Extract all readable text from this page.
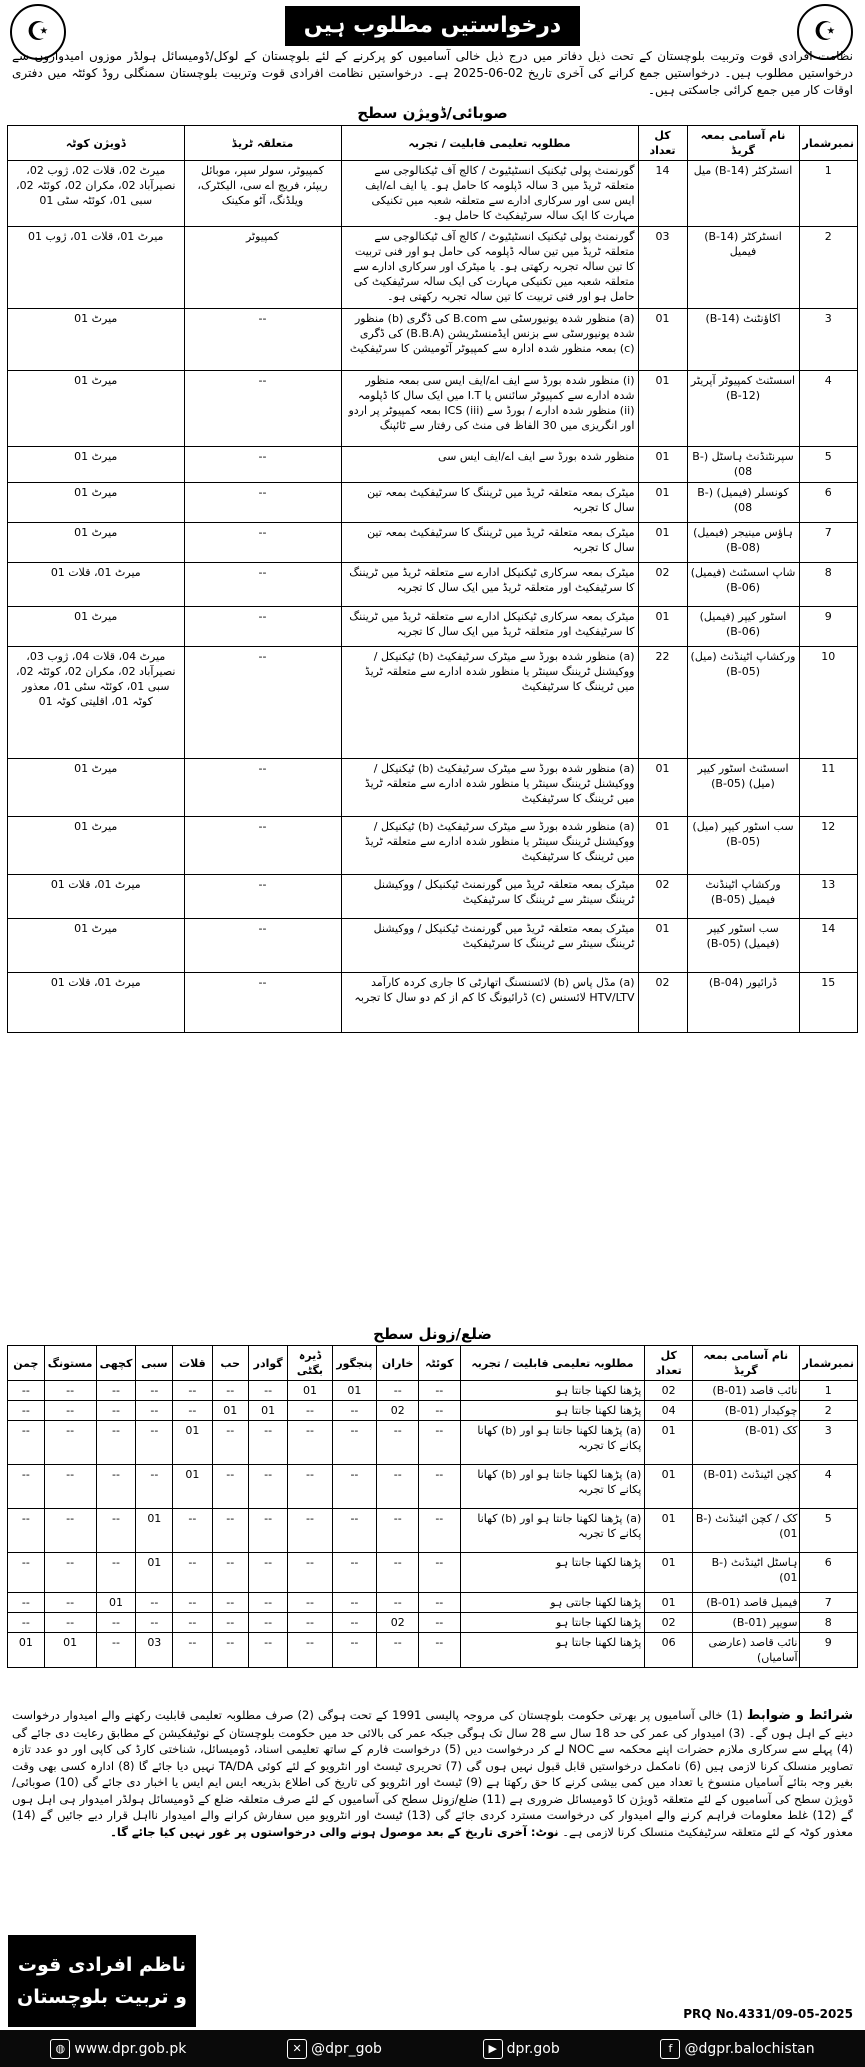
☪	درخواستیں مطلوب ہیں	☪
نظامت افرادی قوت وتربیت بلوچستان کے تحت ذیل دفاتر میں درج ذیل خالی آسامیوں کو پرکرنے کے لئے بلوچستان کے لوکل/ڈومیسائل ہولڈر موزوں امیدواروں سے درخواستیں مطلوب ہیں۔ درخواستیں جمع کرانے کی آخری تاریخ 02-06-2025 ہے۔ درخواستیں نظامت افرادی قوت وتربیت بلوچستان سمنگلی روڈ کوئٹہ میں دفتری اوقات کار میں جمع کرائی جاسکتی ہیں۔
صوبائی/ڈویژن سطح
نمبرشمار	نام آسامی بمعہ گریڈ	کل تعداد	مطلوبہ تعلیمی قابلیت / تجربہ	متعلقہ ٹریڈ	ڈویژن کوٹہ
1	انسٹرکٹر (B-14) میل	14	گورنمنٹ پولی ٹیکنیک انسٹیٹیوٹ / کالج آف ٹیکنالوجی سے متعلقہ ٹریڈ میں 3 سالہ ڈپلومہ کا حامل ہو۔ یا ایف اے/ایف ایس سی اور سرکاری ادارے سے متعلقہ شعبہ میں تکنیکی مہارت کا ایک سالہ سرٹیفکیٹ کا حامل ہو۔	کمپیوٹر، سولر سپر، موبائل ریپئر، فریج اے سی، الیکٹرک، ویلڈنگ، آٹو مکینک	میرٹ 02، قلات 02، ژوب 02، نصیرآباد 02، مکران 02، کوئٹہ 02، سبی 01، کوئٹہ سٹی 01
2	انسٹرکٹر (B-14) فیمیل	03	گورنمنٹ پولی ٹیکنیک انسٹیٹیوٹ / کالج آف ٹیکنالوجی سے متعلقہ ٹریڈ میں تین سالہ ڈپلومہ کی حامل ہو اور فنی تربیت کا تین سالہ تجربہ رکھتی ہو۔ یا میٹرک اور سرکاری ادارے سے متعلقہ شعبہ میں تکنیکی مہارت کی ایک سالہ سرٹیفکیٹ کی حامل ہو اور فنی تربیت کا تین سالہ تجربہ رکھتی ہو۔	کمپیوٹر	میرٹ 01، قلات 01، ژوب 01
3	اکاؤنٹنٹ (B-14)	01	(a) منظور شدہ یونیورسٹی سے B.com کی ڈگری (b) منظور شدہ یونیورسٹی سے بزنس ایڈمنسٹریشن (B.B.A) کی ڈگری (c) بمعہ منظور شدہ ادارہ سے کمپیوٹر آٹومیشن کا سرٹیفکیٹ	--	میرٹ 01
4	اسسٹنٹ کمپیوٹر آپریٹر (B-12)	01	(i) منظور شدہ بورڈ سے ایف اے/ایف ایس سی بمعہ منظور شدہ ادارے سے کمپیوٹر سائنس یا I.T میں ایک سال کا ڈپلومہ (ii) منظور شدہ ادارے / بورڈ سے ICS (iii) بمعہ کمپیوٹر پر اردو اور انگریزی میں 30 الفاظ فی منٹ کی رفتار سے ٹائپنگ	--	میرٹ 01
5	سپرنٹنڈنٹ ہاسٹل (B-08)	01	منظور شدہ بورڈ سے ایف اے/ایف ایس سی	--	میرٹ 01
6	کونسلر (فیمیل) (B-08)	01	میٹرک بمعہ متعلقہ ٹریڈ میں ٹریننگ کا سرٹیفکیٹ بمعہ تین سال کا تجربہ	--	میرٹ 01
7	ہاؤس مینیجر (فیمیل) (B-08)	01	میٹرک بمعہ متعلقہ ٹریڈ میں ٹریننگ کا سرٹیفکیٹ بمعہ تین سال کا تجربہ	--	میرٹ 01
8	شاپ اسسٹنٹ (فیمیل) (B-06)	02	میٹرک بمعہ سرکاری ٹیکنیکل ادارے سے متعلقہ ٹریڈ میں ٹریننگ کا سرٹیفکیٹ اور متعلقہ ٹریڈ میں ایک سال کا تجربہ	--	میرٹ 01، قلات 01
9	اسٹور کیپر (فیمیل) (B-06)	01	میٹرک بمعہ سرکاری ٹیکنیکل ادارے سے متعلقہ ٹریڈ میں ٹریننگ کا سرٹیفکیٹ اور متعلقہ ٹریڈ میں ایک سال کا تجربہ	--	میرٹ 01
10	ورکشاپ اٹینڈنٹ (میل) (B-05)	22	(a) منظور شدہ بورڈ سے میٹرک سرٹیفکیٹ (b) ٹیکنیکل / ووکیشنل ٹریننگ سینٹر یا منظور شدہ ادارے سے متعلقہ ٹریڈ میں ٹریننگ کا سرٹیفکیٹ	--	میرٹ 04، قلات 04، ژوب 03، نصیرآباد 02، مکران 02، کوئٹہ 02، سبی 01، کوئٹہ سٹی 01، معذور کوٹہ 01، اقلیتی کوٹہ 01
11	اسسٹنٹ اسٹور کیپر (میل) (B-05)	01	(a) منظور شدہ بورڈ سے میٹرک سرٹیفکیٹ (b) ٹیکنیکل / ووکیشنل ٹریننگ سینٹر یا منظور شدہ ادارے سے متعلقہ ٹریڈ میں ٹریننگ کا سرٹیفکیٹ	--	میرٹ 01
12	سب اسٹور کیپر (میل) (B-05)	01	(a) منظور شدہ بورڈ سے میٹرک سرٹیفکیٹ (b) ٹیکنیکل / ووکیشنل ٹریننگ سینٹر یا منظور شدہ ادارے سے متعلقہ ٹریڈ میں ٹریننگ کا سرٹیفکیٹ	--	میرٹ 01
13	ورکشاپ اٹینڈنٹ فیمیل (B-05)	02	میٹرک بمعہ متعلقہ ٹریڈ میں گورنمنٹ ٹیکنیکل / ووکیشنل ٹریننگ سینٹر سے ٹریننگ کا سرٹیفکیٹ	--	میرٹ 01، قلات 01
14	سب اسٹور کیپر (فیمیل) (B-05)	01	میٹرک بمعہ متعلقہ ٹریڈ میں گورنمنٹ ٹیکنیکل / ووکیشنل ٹریننگ سینٹر سے ٹریننگ کا سرٹیفکیٹ	--	میرٹ 01
15	ڈرائیور (B-04)	02	(a) مڈل پاس (b) لائسنسنگ اتھارٹی کا جاری کردہ کارآمد HTV/LTV لائسنس (c) ڈرائیونگ کا کم از کم دو سال کا تجربہ	--	میرٹ 01، قلات 01
ضلع/زونل سطح
نمبرشمار	نام آسامی بمعہ گریڈ	کل تعداد	مطلوبہ تعلیمی قابلیت / تجربہ	کوئٹہ	خاران	پنجگور	ڈیرہ بگٹی	گوادر	حب	قلات	سبی	کچھی	مستونگ	چمن
1	نائب قاصد (B-01)	02	پڑھنا لکھنا جانتا ہو	--	--	01	01	--	--	--	--	--	--	--
2	چوکیدار (B-01)	04	پڑھنا لکھنا جانتا ہو	--	02	--	--	01	01	--	--	--	--	--
3	کک (B-01)	01	(a) پڑھنا لکھنا جانتا ہو اور (b) کھانا پکانے کا تجربہ	--	--	--	--	--	--	01	--	--	--	--
4	کچن اٹینڈنٹ (B-01)	01	(a) پڑھنا لکھنا جانتا ہو اور (b) کھانا پکانے کا تجربہ	--	--	--	--	--	--	01	--	--	--	--
5	کک / کچن اٹینڈنٹ (B-01)	01	(a) پڑھنا لکھنا جانتا ہو اور (b) کھانا پکانے کا تجربہ	--	--	--	--	--	--	--	01	--	--	--
6	ہاسٹل اٹینڈنٹ (B-01)	01	پڑھنا لکھنا جانتا ہو	--	--	--	--	--	--	--	01	--	--	--
7	فیمیل قاصد (B-01)	01	پڑھنا لکھنا جانتی ہو	--	--	--	--	--	--	--	--	01	--	--
8	سویپر (B-01)	02	پڑھنا لکھنا جانتا ہو	--	02	--	--	--	--	--	--	--	--	--
9	نائب قاصد (عارضی آسامیاں)	06	پڑھنا لکھنا جانتا ہو	--	--	--	--	--	--	--	03	--	01	01
شرائط و ضوابط (1) خالی آسامیوں پر بھرتی حکومت بلوچستان کی مروجہ پالیسی 1991 کے تحت ہوگی (2) صرف مطلوبہ تعلیمی قابلیت رکھنے والے امیدوار درخواست دینے کے اہل ہوں گے۔ (3) امیدوار کی عمر کی حد 18 سال سے 28 سال تک ہوگی جبکہ عمر کی بالائی حد میں حکومت بلوچستان کے نوٹیفکیشن کے مطابق رعایت دی جائے گی (4) پہلے سے سرکاری ملازم حضرات اپنے محکمہ سے NOC لے کر درخواست دیں (5) درخواست فارم کے ساتھ تعلیمی اسناد، ڈومیسائل، شناختی کارڈ کی کاپی اور دو عدد تازہ تصاویر منسلک کرنا لازمی ہیں (6) نامکمل درخواستیں قابل قبول نہیں ہوں گی (7) تحریری ٹیسٹ اور انٹرویو کے لئے کوئی TA/DA نہیں دیا جائے گا (8) ادارہ کسی بھی وقت بغیر وجہ بتائے آسامیاں منسوخ یا تعداد میں کمی بیشی کرنے کا حق رکھتا ہے (9) ٹیسٹ اور انٹرویو کی تاریخ کی اطلاع بذریعہ ایس ایم ایس یا اخبار دی جائے گی (10) صوبائی/ڈویژن سطح کی آسامیوں کے لئے متعلقہ ڈویژن کا ڈومیسائل ضروری ہے (11) ضلع/زونل سطح کی آسامیوں کے لئے صرف متعلقہ ضلع کے ڈومیسائل ہولڈر امیدوار ہی اہل ہوں گے (12) غلط معلومات فراہم کرنے والے امیدوار کی درخواست مسترد کردی جائے گی (13) ٹیسٹ اور انٹرویو میں سفارش کرانے والے امیدوار نااہل قرار دیے جائیں گے (14) معذور کوٹہ کے لئے متعلقہ سرٹیفکیٹ منسلک کرنا لازمی ہے۔ نوٹ: آخری تاریخ کے بعد موصول ہونے والی درخواستوں پر غور نہیں کیا جائے گا۔
ناظم افرادی قوت
و تربیت بلوچستان
PRQ No.4331/09-05-2025
◍ www.dpr.gob.pk	✕ @dpr_gob	▶ dpr.gob	f @dgpr.balochistan
